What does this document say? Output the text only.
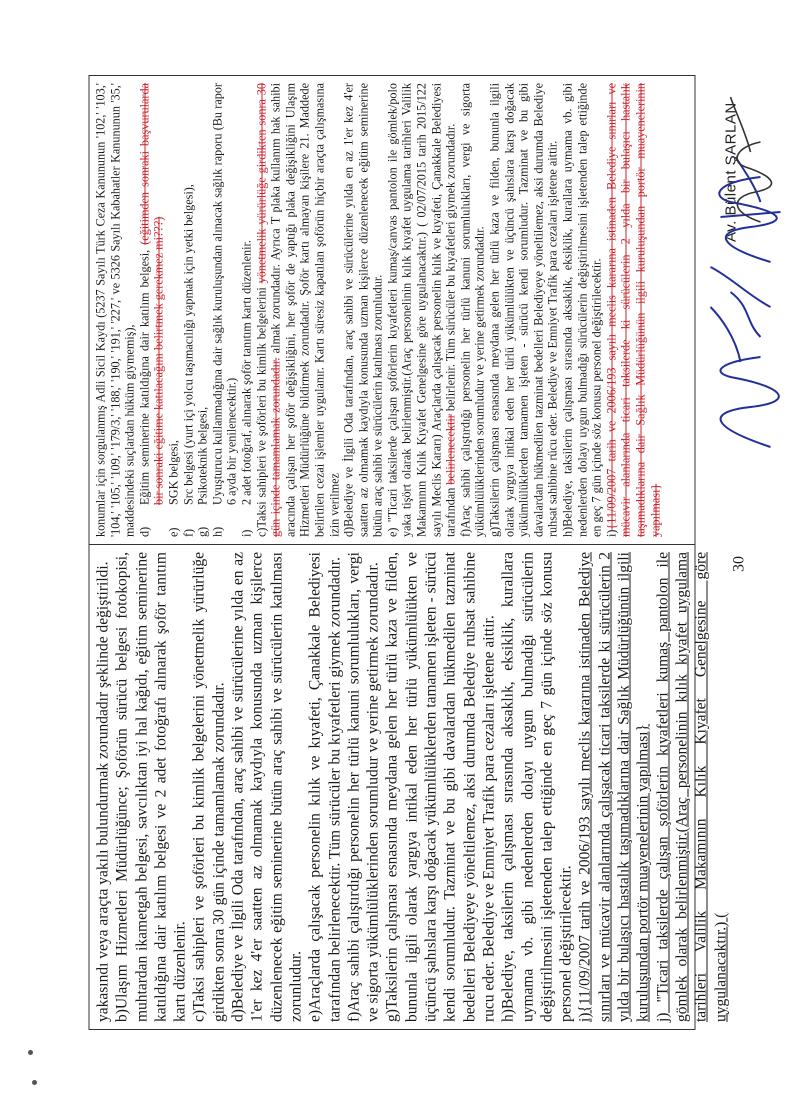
yakasındı veya araçta yakılı bulundurmak zorundadır şeklinde değiştirildi. b)Ulaşım Hizmetleri Müdürlüğünce; Şoförün sürücü belgesi fotokopisi, muhtardan ikametgah belgesi, savcılıktan iyi hal kağıdı, eğitim seminerine katıldığına dair katılım belgesi ve 2 adet fotoğrafı alınarak şoför tanıtım kartı düzenlenir. c)Taksi sahipleri ve şoförleri bu kimlik belgelerini yönetmelik yürürlüğe girdikten sonra 30 gün içinde tamamlamak zorundadır. d)Belediye ve İlgili Oda tarafından, araç sahibi ve sürücülerine yılda en az 1'er kez 4'er saatten az olmamak kaydıyla konusunda uzman kişilerce düzenlenecek eğitim seminerine bütün araç sahibi ve sürücülerin katılması zorunludur. e)Araçlarda çalışacak personelin kılık ve kıyafeti, Çanakkale Belediyesi tarafından belirlenecektir. Tüm sürücüler bu kıyafetleri giymek zorundadır. f)Araç sahibi çalıştırdığı personelin her türlü kanuni sorumlulukları, vergi ve sigorta yükümlülüklerinden sorumludur ve yerine getirmek zorundadır. g)Taksilerin çalışması esnasında meydana gelen her türlü kaza ve filden, bununla ilgili olarak yargıya intikal eden her türlü yükümlülükten ve üçüncü şahıslara karşı doğacak yükümlülüklerden tamamen işleten - sürücü kendi sorumludur. Tazminat ve bu gibi davalardan hükmedilen tazminat bedelleri Belediyeye yöneltilemez, aksi durumda Belediye ruhsat sahibine rucu eder. Belediye ve Emniyet Trafik para cezaları işletene aittir. h)Belediye, taksilerin çalışması sırasında aksaklık, eksiklik, kurallara uymama vb. gibi nedenlerden dolayı uygun bulmadığı sürücülerin değiştirilmesini işletenden talep ettiğinde en geç 7 gün içinde söz konusu personel değiştirilecektir. i){11/09/2007 tarih ve 2006/193 sayılı meclis kararına istinaden Belediye sınırları ve mücavir alanlarında çalışacak ticari taksilerde ki sürücülerin 2 yılda bir bulaşıcı hastalık taşımadıklarına dair Sağlık Müdürlüğünün ilgili kuruluşundan portör muayenelerinin yapılması} j) "Ticari taksilerde çalışan şoförlerin kıyafetleri kumaş pantolon ile gömlek olarak belirlenmiştir.(Araç personelinin kılık kıyafet uygulama tarihleri Valilik Makamının Kılık Kıyafet Genelgesine göre uygulanacaktır.) (

konumlar için sorgulanmış Adli Sicil Kaydı (5237 Sayılı Türk Ceza Kanununun '102,' '103,' '104,' '105,' '109,' '179/3,' '188,' '190,' '191,' '227,' ve 5326 Sayılı Kabahatler Kanununun '35,' maddesindeki suçlardan hüküm giymemiş), d)
Eğitim seminerine katıldığına dair katılım belgesi, (eğitimden sonraki başvurularda bir sonraki eğitime katılacağını belirtmek gerekmez mi???)
e)
SGK belgesi,
f)
Src belgesi (yurt içi yolcu taşımacılığı yapmak için yetki belgesi),
g)
Psikoteknik belgesi,
h)
Uyuşturucu kullanmadığına dair sağlık kuruluşundan alınacak sağlık raporu (Bu rapor 6 ayda bir yenilenecektir.)
i)
2 adet fotoğraf, alınarak şoför tanıtım kartı düzenlenir. c)Taksi sahipleri ve şoförleri bu kimlik belgelerini yönetmelik yürürlüğe girdikten sonra 30 gün içinde tamamlamak zorundadır. almak zorundadır. Ayrıca T plaka kullanım hak sahibi aracında çalışan her şoför değişikliğini, her şoför de yaptığı plaka değişikliğini Ulaşım Hizmetleri Müdürlüğüne bildirmek zorundadır. Şoför kartı almayan kişilere 21. Maddede belirtilen cezai işlemler uygulanır. Kartı süresiz kapatılan şoförün hiçbir araçta çalışmasına izin verilmez d)Belediye ve İlgili Oda tarafından, araç sahibi ve sürücülerine yılda en az 1'er kez 4'er saatten az olmamak kaydıyla konusunda uzman kişilerce düzenlenecek eğitim seminerine bütün araç sahibi ve sürücülerin katılması zorunludur. e) "Ticari taksilerde çalışan şoförlerin kıyafetleri kumaş/canvas pantolon ile gömlek/polo yaka tişört olarak belirlenmiştir.(Araç personelinin kılık kıyafet uygulama tarihleri Valilik Makamının Kılık Kıyafet Genelgesine göre uygulanacaktır.) ( 02/07/2015 tarih 2015/122 sayılı Meclis Kararı) Araçlarda çalışacak personelin kılık ve kıyafeti, Çanakkale Belediyesi tarafından belirlenecektir belirlenir. Tüm sürücüler bu kıyafetleri giymek zorundadır. f)Araç sahibi çalıştırdığı personelin her türlü kanuni sorumlulukları, vergi ve sigorta yükümlülüklerinden sorumludur ve yerine getirmek zorundadır. g)Taksilerin çalışması esnasında meydana gelen her türlü kaza ve filden, bununla ilgili olarak yargıya intikal eden her türlü yükümlülükten ve üçüncü şahıslara karşı doğacak yükümlülüklerden tamamen işleten - sürücü kendi sorumludur. Tazminat ve bu gibi davalardan hükmedilen tazminat bedelleri Belediyeye yöneltilemez, aksi durumda Belediye ruhsat sahibine rücu eder. Belediye ve Emniyet Trafik para cezaları işletene aittir. h)Belediye, taksilerin çalışması sırasında aksaklık, eksiklik, kurallara uymama vb. gibi nedenlerden dolayı uygun bulmadığı sürücülerin değiştirilmesini işletenden talep ettiğinde en geç 7 gün içinde söz konusu personel değiştirilecektir. i){11/09/2007 tarih ve 2006/193 sayılı meclis kararına istinaden Belediye sınırları ve mücavir alanlarında ticari taksilerde ki sürücülerin 2 yılda bir bulaşıcı hastalık taşımadıklarına dair Sağlık Müdürlüğünün ilgili kuruluşundan portör muayenelerinin yapılması}

30
Av. Bülent ŞARLAN
